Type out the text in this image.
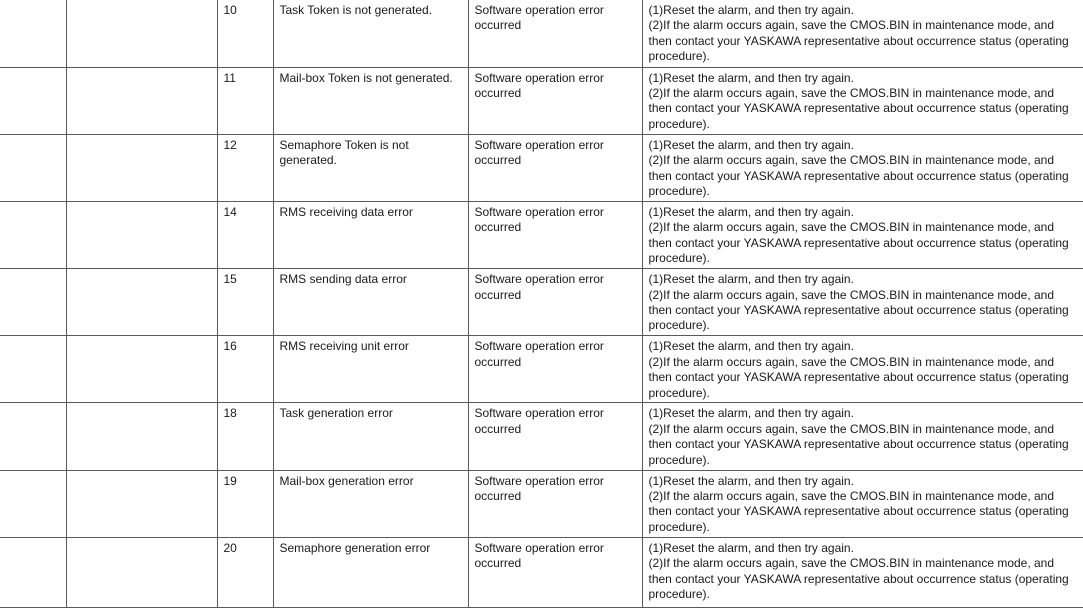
		10	Task Token is not generated.	Software operation error occurred	(1)Reset the alarm, and then try again.
(2)If the alarm occurs again, save the CMOS.BIN in maintenance mode, and
then contact your YASKAWA representative about occurrence status (operating
procedure).

		11	Mail-box Token is not generated.	Software operation error occurred	(1)Reset the alarm, and then try again.
(2)If the alarm occurs again, save the CMOS.BIN in maintenance mode, and
then contact your YASKAWA representative about occurrence status (operating
procedure).

		12	Semaphore Token is not generated.	Software operation error occurred	(1)Reset the alarm, and then try again.
(2)If the alarm occurs again, save the CMOS.BIN in maintenance mode, and
then contact your YASKAWA representative about occurrence status (operating
procedure).

		14	RMS receiving data error	Software operation error occurred	(1)Reset the alarm, and then try again.
(2)If the alarm occurs again, save the CMOS.BIN in maintenance mode, and
then contact your YASKAWA representative about occurrence status (operating
procedure).

		15	RMS sending data error	Software operation error occurred	(1)Reset the alarm, and then try again.
(2)If the alarm occurs again, save the CMOS.BIN in maintenance mode, and
then contact your YASKAWA representative about occurrence status (operating
procedure).

		16	RMS receiving unit error	Software operation error occurred	(1)Reset the alarm, and then try again.
(2)If the alarm occurs again, save the CMOS.BIN in maintenance mode, and
then contact your YASKAWA representative about occurrence status (operating
procedure).

		18	Task generation error	Software operation error occurred	(1)Reset the alarm, and then try again.
(2)If the alarm occurs again, save the CMOS.BIN in maintenance mode, and
then contact your YASKAWA representative about occurrence status (operating
procedure).

		19	Mail-box generation error	Software operation error occurred	(1)Reset the alarm, and then try again.
(2)If the alarm occurs again, save the CMOS.BIN in maintenance mode, and
then contact your YASKAWA representative about occurrence status (operating
procedure).

		20	Semaphore generation error	Software operation error occurred	(1)Reset the alarm, and then try again.
(2)If the alarm occurs again, save the CMOS.BIN in maintenance mode, and
then contact your YASKAWA representative about occurrence status (operating
procedure).
